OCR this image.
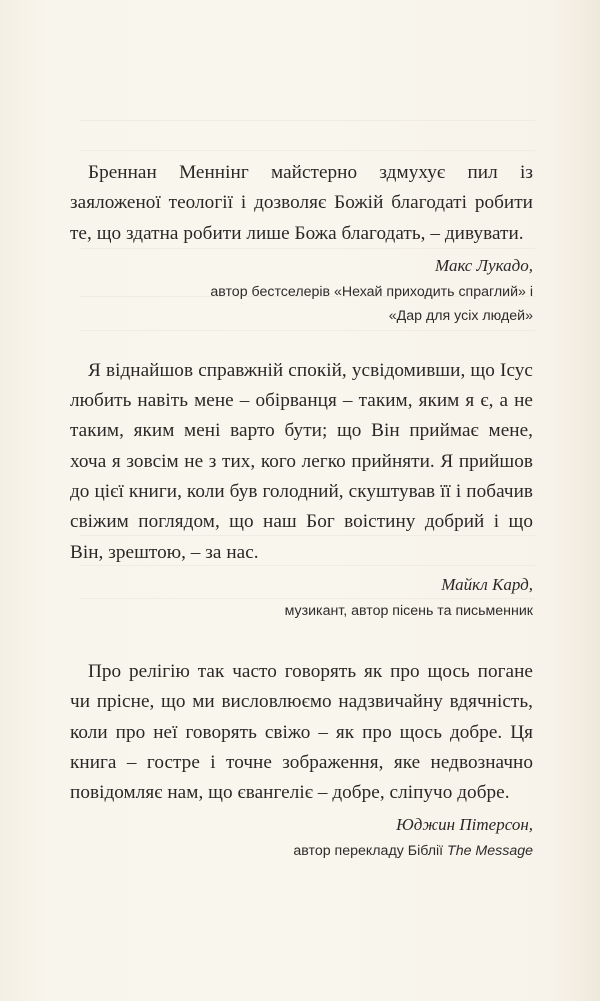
Бреннан Меннінг майстерно здмухує пил із заяложеної теології і дозволяє Божій благодаті робити те, що здатна робити лише Божа благодать, – дивувати.

Макс Лукадо,
автор бестселерів «Нехай приходить спраглий» і
«Дар для усіх людей»

Я віднайшов справжній спокій, усвідомивши, що Ісус любить навіть мене – обірванця – таким, яким я є, а не таким, яким мені варто бути; що Він приймає мене, хоча я зовсім не з тих, кого легко прийняти. Я прийшов до цієї книги, коли був голодний, скуштував її і побачив свіжим поглядом, що наш Бог воістину добрий і що Він, зрештою, – за нас.

Майкл Кард,
музикант, автор пісень та письменник

Про релігію так часто говорять як про щось погане чи прісне, що ми висловлюємо надзвичайну вдячність, коли про неї говорять свіжо – як про щось добре. Ця книга – гостре і точне зображення, яке недвозначно повідомляє нам, що євангеліє – добре, сліпучо добре.

Юджин Пітерсон,
автор перекладу Біблії The Message
